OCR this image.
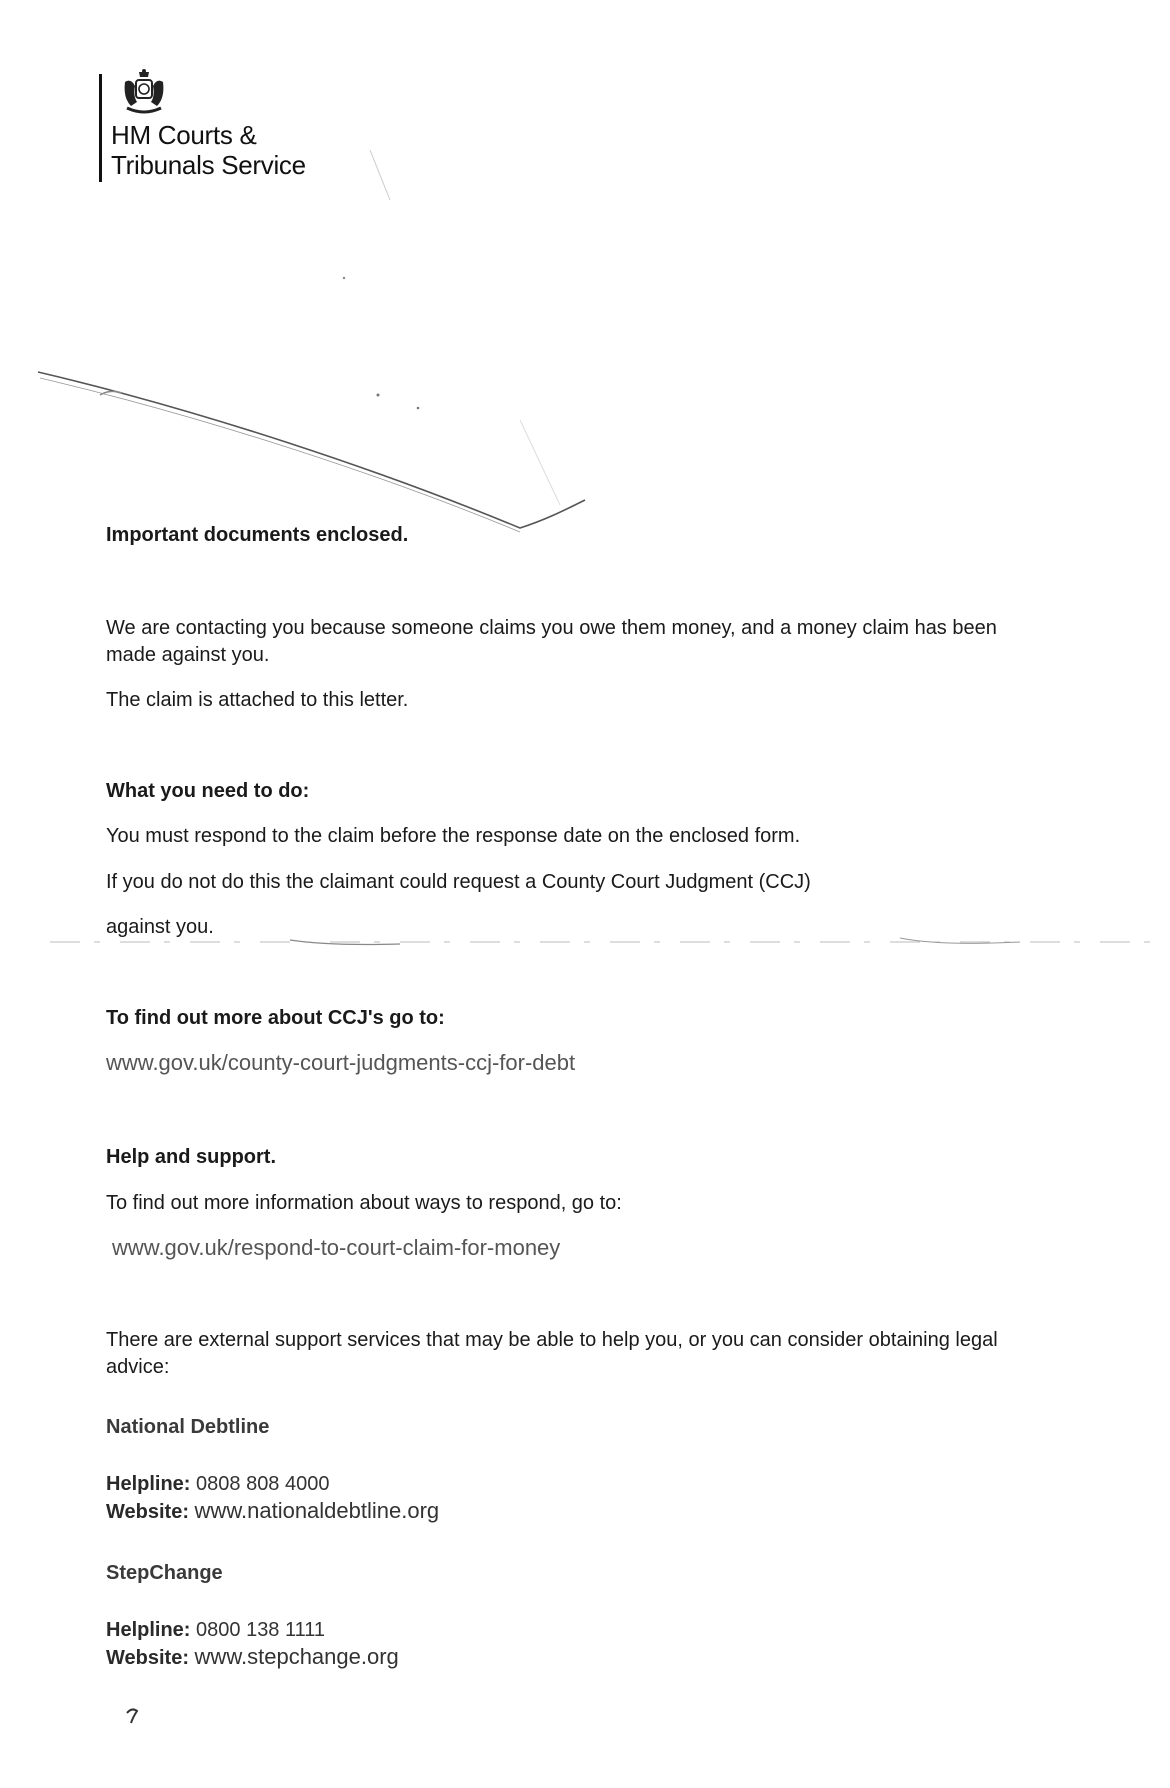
HM Courts &
Tribunals Service
Important documents enclosed.
We are contacting you because someone claims you owe them money, and a money claim has been
made against you.
The claim is attached to this letter.
What you need to do:
You must respond to the claim before the response date on the enclosed form.
If you do not do this the claimant could request a County Court Judgment (CCJ)
against you.
To find out more about CCJ's go to:
www.gov.uk/county-court-judgments-ccj-for-debt
Help and support.
To find out more information about ways to respond, go to:
www.gov.uk/respond-to-court-claim-for-money
There are external support services that may be able to help you, or you can consider obtaining legal
advice:
National Debtline
Helpline: 0808 808 4000
Website: www.nationaldebtline.org
StepChange
Helpline: 0800 138 1111
Website: www.stepchange.org
